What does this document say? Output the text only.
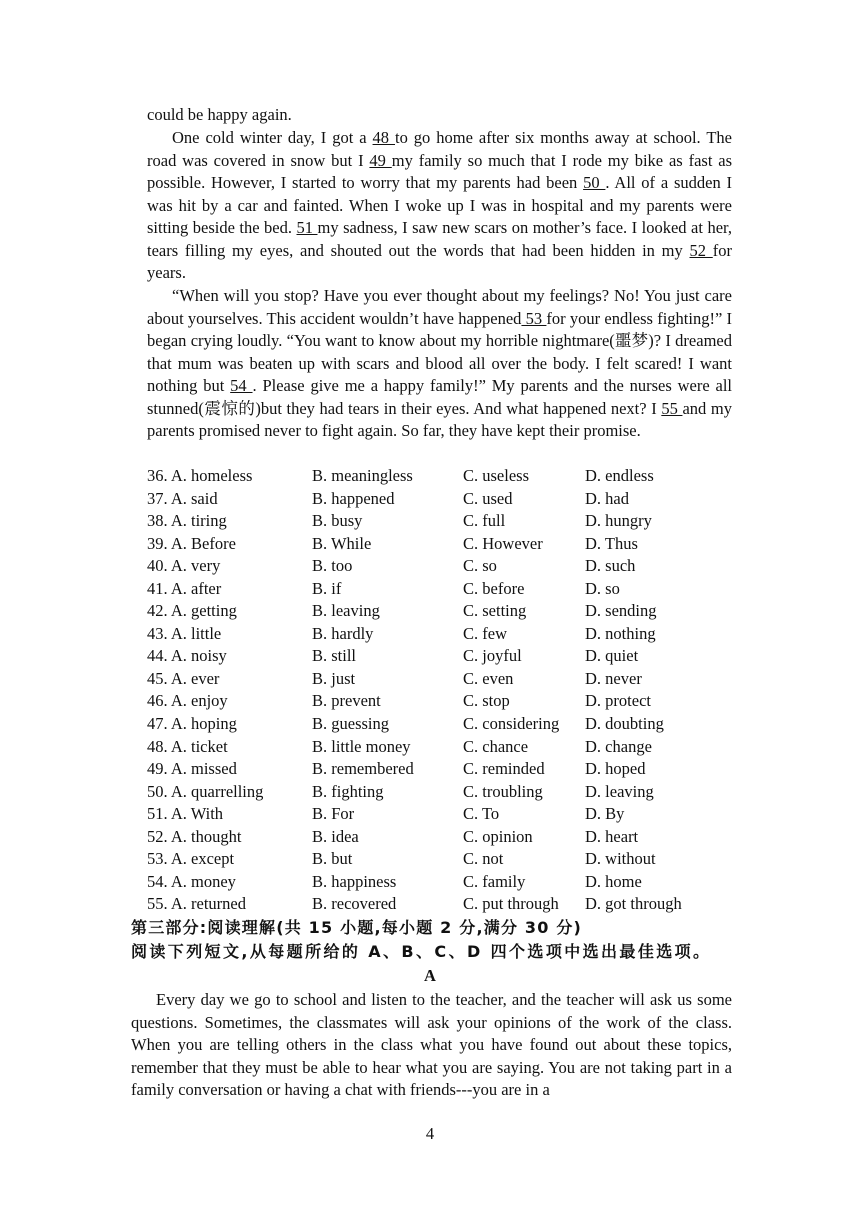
could be happy again.

One cold winter day, I got a 48 to go home after six months away at school. The road was covered in snow but I 49 my family so much that I rode my bike as fast as possible. However, I started to worry that my parents had been 50 . All of a sudden I was hit by a car and fainted. When I woke up I was in hospital and my parents were sitting beside the bed. 51 my sadness, I saw new scars on mother’s face. I looked at her, tears filling my eyes, and shouted out the words that had been hidden in my 52 for years.

“When will you stop? Have you ever thought about my feelings? No! You just care about yourselves. This accident wouldn’t have happened 53 for your endless fighting!” I began crying loudly. “You want to know about my horrible nightmare(噩梦)? I dreamed that mum was beaten up with scars and blood all over the body. I felt scared! I want nothing but 54 . Please give me a happy family!” My parents and the nurses were all stunned(震惊的)but they had tears in their eyes. And what happened next? I 55 and my parents promised never to fight again. So far, they have kept their promise.

36. A. homeless	B. meaningless	C. useless	D. endless
37. A. said	B. happened	C. used	D. had
38. A. tiring	B. busy	C. full	D. hungry
39. A. Before	B. While	C. However	D. Thus
40. A. very	B. too	C. so	D. such
41. A. after	B. if	C. before	D. so
42. A. getting	B. leaving	C. setting	D. sending
43. A. little	B. hardly	C. few	D. nothing
44. A. noisy	B. still	C. joyful	D. quiet
45. A. ever	B. just	C. even	D. never
46. A. enjoy	B. prevent	C. stop	D. protect
47. A. hoping	B. guessing	C. considering D. doubting
48. A. ticket	B. little money	C. chance	D. change
49. A. missed	B. remembered	C. reminded D. hoped
50. A. quarrelling	B. fighting	C. troubling	D. leaving
51. A. With	B. For	C. To	D. By
52. A. thought	B. idea	C. opinion	D. heart
53. A. except	B. but	C. not	D. without
54. A. money	B. happiness	C. family	D. home
55. A. returned	B. recovered	C. put through D. got through
第三部分:阅读理解(共 15 小题,每小题 2 分,满分 30 分)
阅读下列短文,从每题所给的 A、B、C、D 四个选项中选出最佳选项。
A

Every day we go to school and listen to the teacher, and the teacher will ask us some questions. Sometimes, the classmates will ask your opinions of the work of the class. When you are telling others in the class what you have found out about these topics, remember that they must be able to hear what you are saying. You are not taking part in a family conversation or having a chat with friends---you are in a

4
